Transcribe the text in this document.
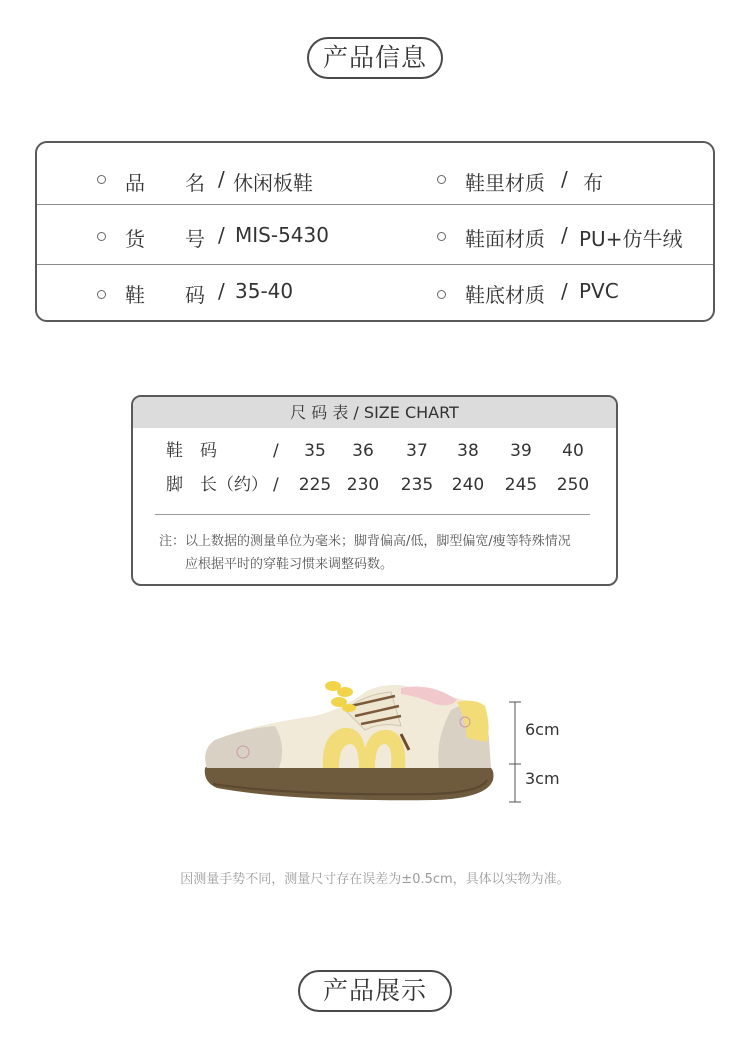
产品信息
品　　名 / 休闲板鞋	鞋里材质 / 布
货　　号 / MIS-5430	鞋面材质 / PU+仿牛绒
鞋　　码 / 35-40	鞋底材质 / PVC
尺 码 表 / SIZE CHART
鞋　码	/	35	36	37	38	39	40
脚　长（约） /	225 230	235	240	245	250
注：以上数据的测量单位为毫米；脚背偏高/低，脚型偏宽/瘦等特殊情况
应根据平时的穿鞋习惯来调整码数。
6cm
3cm
因测量手势不同，测量尺寸存在误差为±0.5cm，具体以实物为准。
产品展示
